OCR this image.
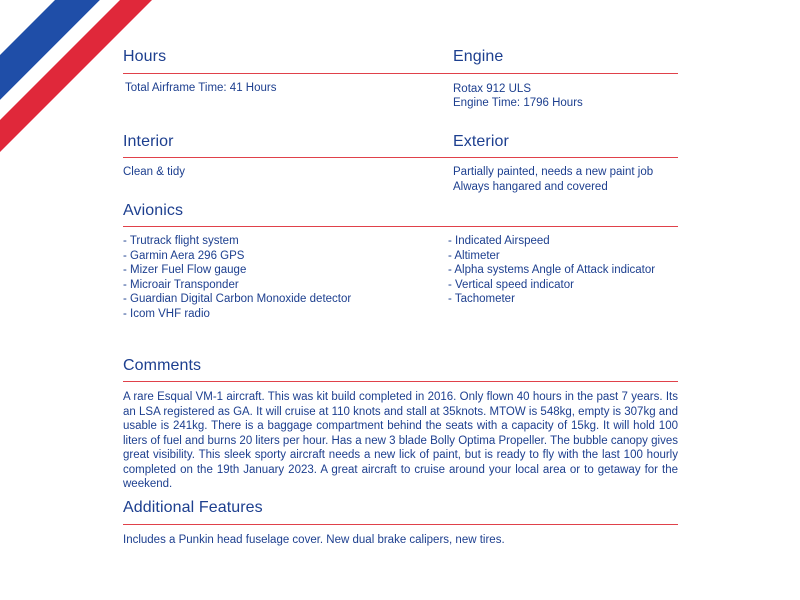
Hours
Total Airframe Time: 41 Hours
Engine
Rotax 912 ULS
Engine Time: 1796 Hours
Interior
Clean & tidy
Exterior
Partially painted, needs a new paint job
Always hangared and covered
Avionics
- Trutrack flight system
- Garmin Aera 296 GPS
- Mizer Fuel Flow gauge
- Microair Transponder
- Guardian Digital Carbon Monoxide detector
- Icom VHF radio
- Indicated Airspeed
- Altimeter
- Alpha systems Angle of Attack indicator
- Vertical speed indicator
- Tachometer
Comments
A rare Esqual VM-1 aircraft. This was kit build completed in 2016. Only flown 40 hours in the past 7 years. Its an LSA registered as GA. It will cruise at 110 knots and stall at 35knots. MTOW is 548kg, empty is 307kg and usable is 241kg. There is a baggage compartment behind the seats with a capacity of 15kg. It will hold 100 liters of fuel and burns 20 liters per hour. Has a new 3 blade Bolly Optima Propeller. The bubble canopy gives great visibility. This sleek sporty aircraft needs a new lick of paint, but is ready to fly with the last 100 hourly completed on the 19th January 2023. A great aircraft to cruise around your local area or to getaway for the weekend.
Additional Features
Includes a Punkin head fuselage cover. New dual brake calipers, new tires.
